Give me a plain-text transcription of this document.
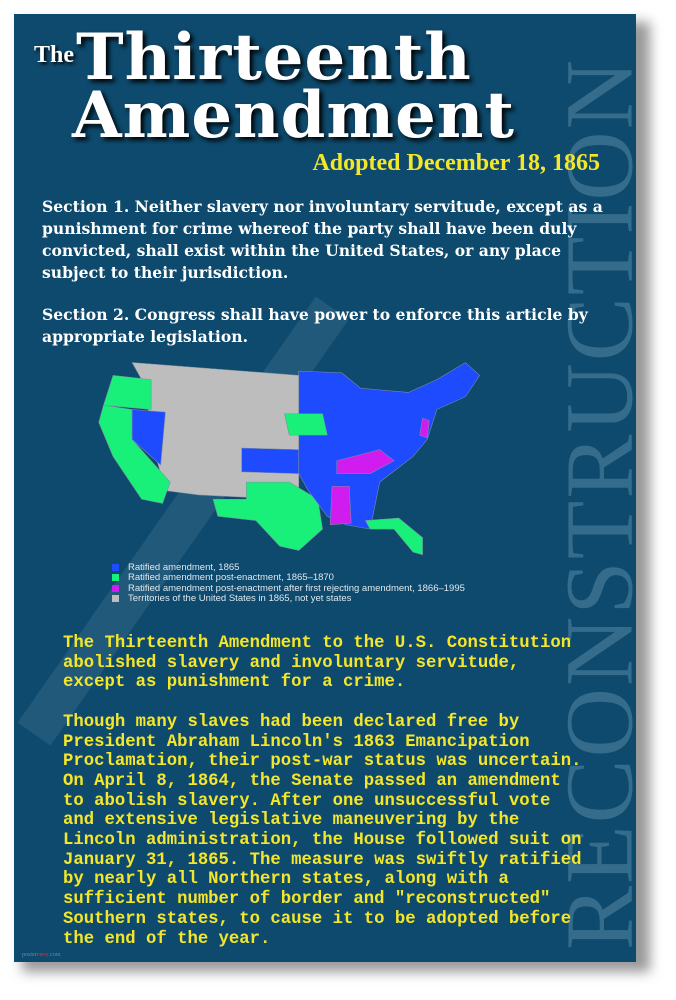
RECONSTRUCTION
The Thirteenth
Amendment
Adopted December 18, 1865
Section 1. Neither slavery nor involuntary servitude, except as a punishment for crime whereof the party shall have been duly convicted, shall exist within the United States, or any place subject to their jurisdiction.
Section 2. Congress shall have power to enforce this article by appropriate legislation.
Ratified amendment, 1865
Ratified amendment post-enactment, 1865–1870
Ratified amendment post-enactment after first rejecting amendment, 1866–1995
Territories of the United States in 1865, not yet states
The Thirteenth Amendment to the U.S. Constitution
abolished slavery and involuntary servitude,
except as punishment for a crime.

Though many slaves had been declared free by
President Abraham Lincoln's 1863 Emancipation
Proclamation, their post-war status was uncertain.
On April 8, 1864, the Senate passed an amendment
to abolish slavery. After one unsuccessful vote
and extensive legislative maneuvering by the
Lincoln administration, the House followed suit on
January 31, 1865. The measure was swiftly ratified
by nearly all Northern states, along with a
sufficient number of border and "reconstructed"
Southern states, to cause it to be adopted before
the end of the year.
posterenvy.com
